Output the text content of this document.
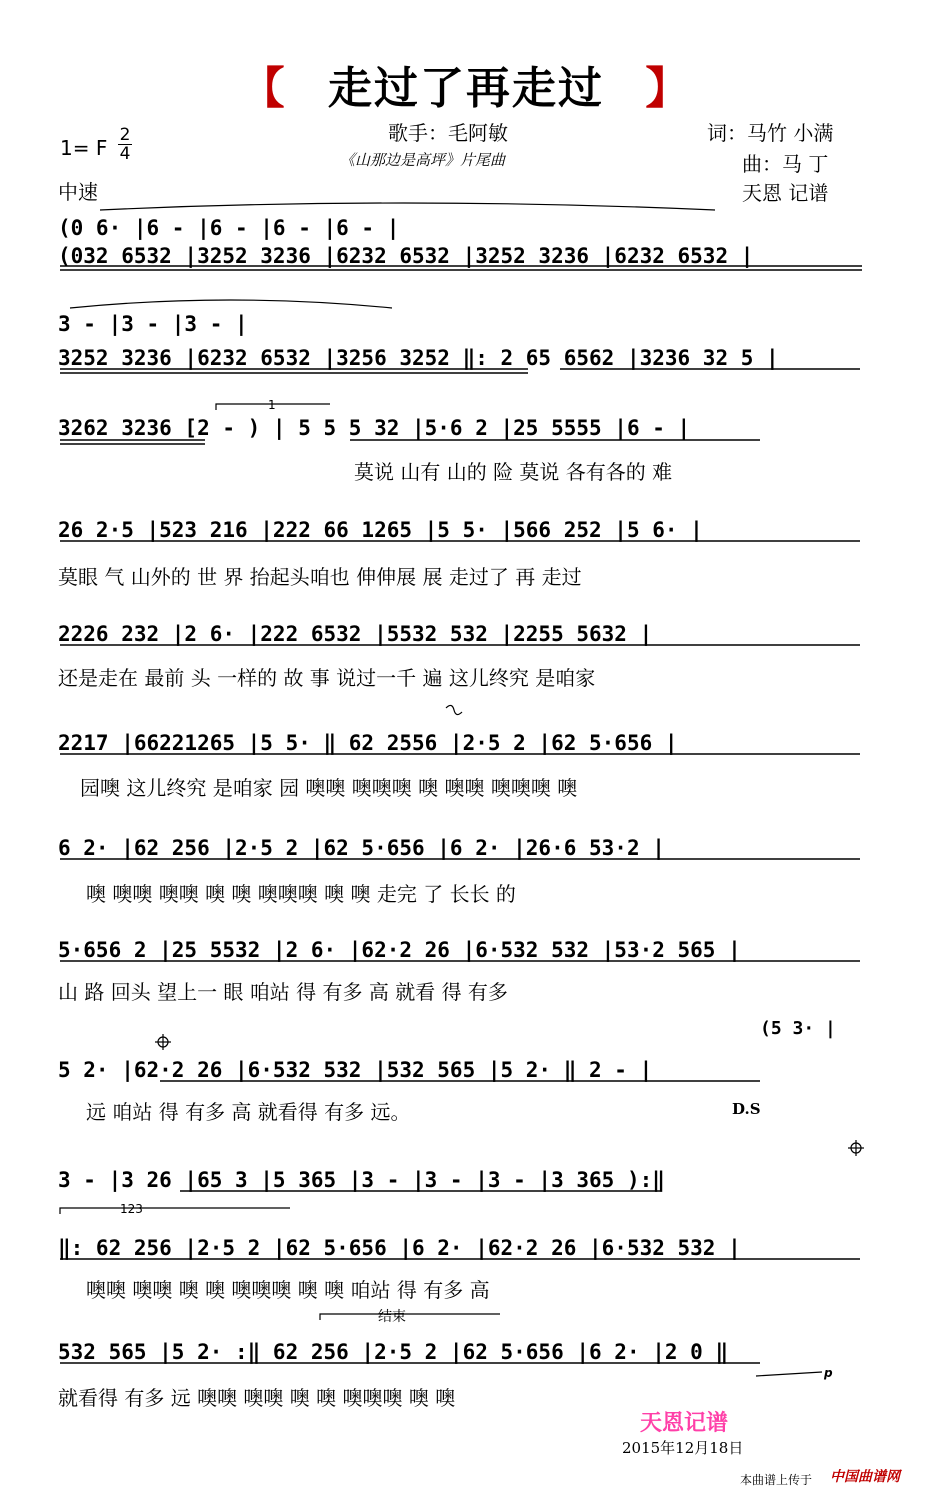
【 走过了再走过 】
1= F
2
4
中速
歌手：毛阿敏
《山那边是高坪》片尾曲
词：马竹 小满
曲：马 丁
天恩 记谱
(0 6· |6 - |6 - |6 - |6 - |
(032 6532 |3252 3236 |6232 6532 |3252 3236 |6232 6532 |
3 - |3 - |3 - |
3252 3236 |6232 6532 |3256 3252 ‖: 2 65 6562 |3236 32 5 |
3262 3236 [2 - ) | 5 5 5 32 |5·6 2 |25 5555 |6 - |
莫说 山有 山的 险 莫说 各有各的 难
26 2·5 |523 216 |222 66 1265 |5 5· |566 252 |5 6· |
莫眼 气 山外的 世 界 抬起头咱也 伸伸展 展 走过了 再 走过
2226 232 |2 6· |222 6532 |5532 532 |2255 5632 |
还是走在 最前 头 一样的 故 事 说过一千 遍 这儿终究 是咱家
2217 |66221265 |5 5· ‖ 62 2556 |2·5 2 |62 5·656 |
园噢 这儿终究 是咱家 园 噢噢 噢噢噢 噢 噢噢 噢噢噢 噢
6 2· |62 256 |2·5 2 |62 5·656 |6 2· |26·6 53·2 |
噢 噢噢 噢噢 噢 噢 噢噢噢 噢 噢 走完 了 长长 的
5·656 2 |25 5532 |2 6· |62·2 26 |6·532 532 |53·2 565 |
山 路 回头 望上一 眼 咱站 得 有多 高 就看 得 有多
(5 3· |
5 2· |62·2 26 |6·532 532 |532 565 |5 2· ‖ 2 - |
远 咱站 得 有多 高 就看得 有多 远。	D.S
3 - |3 26 |65 3 |5 365 |3 - |3 - |3 - |3 365 ):‖
‖: 62 256 |2·5 2 |62 5·656 |6 2· |62·2 26 |6·532 532 |
噢噢 噢噢 噢 噢 噢噢噢 噢 噢 咱站 得 有多 高
532 565 |5 2· :‖ 62 256 |2·5 2 |62 5·656 |6 2· |2 0 ‖
就看得 有多 远 噢噢 噢噢 噢 噢 噢噢噢 噢 噢
1
123
结束
p
天恩记谱
2015年12月18日
本曲谱上传于 中国曲谱网
